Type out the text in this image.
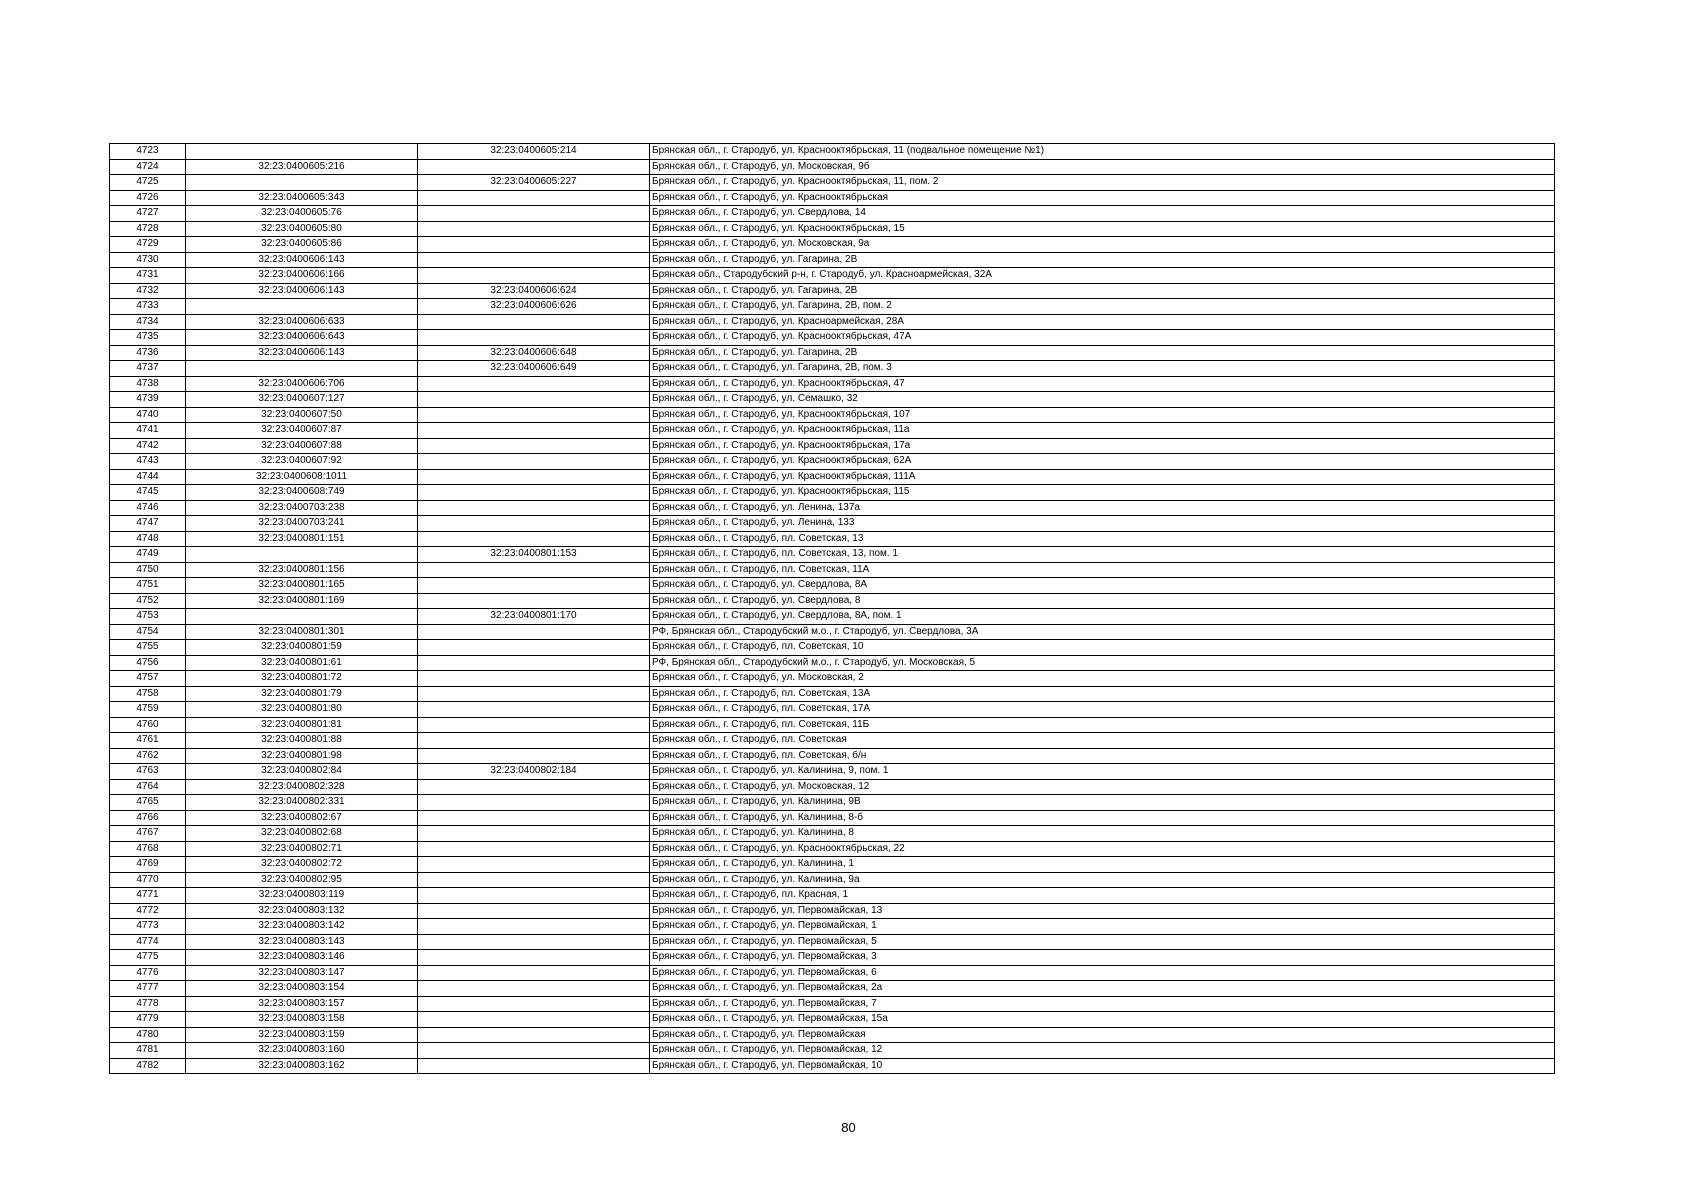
4723		32:23:0400605:214	Брянская обл., г. Стародуб, ул. Краснооктябрьская, 11 (подвальное помещение №1)
4724	32:23:0400605:216		Брянская обл., г. Стародуб, ул. Московская, 9б
4725		32:23:0400605:227	Брянская обл., г. Стародуб, ул. Краснооктябрьская, 11, пом. 2
4726	32:23:0400605:343		Брянская обл., г. Стародуб, ул. Краснооктябрьская
4727	32:23:0400605:76		Брянская обл., г. Стародуб, ул. Свердлова, 14
4728	32:23:0400605:80		Брянская обл., г. Стародуб, ул. Краснооктябрьская, 15
4729	32:23:0400605:86		Брянская обл., г. Стародуб, ул. Московская, 9а
4730	32:23:0400606:143		Брянская обл., г. Стародуб, ул. Гагарина, 2В
4731	32:23:0400606:166		Брянская обл., Стародубский р-н, г. Стародуб, ул. Красноармейская, 32А
4732	32:23:0400606:143	32:23:0400606:624	Брянская обл., г. Стародуб, ул. Гагарина, 2В
4733		32:23:0400606:626	Брянская обл., г. Стародуб, ул. Гагарина, 2В, пом. 2
4734	32:23:0400606:633		Брянская обл., г. Стародуб, ул. Красноармейская, 28А
4735	32:23:0400606:643		Брянская обл., г. Стародуб, ул. Краснооктябрьская, 47А
4736	32:23:0400606:143	32:23:0400606:648	Брянская обл., г. Стародуб, ул. Гагарина, 2В
4737		32:23:0400606:649	Брянская обл., г. Стародуб, ул. Гагарина, 2В, пом. 3
4738	32:23:0400606:706		Брянская обл., г. Стародуб, ул. Краснооктябрьская, 47
4739	32:23:0400607:127		Брянская обл., г. Стародуб, ул. Семашко, 32
4740	32:23:0400607:50		Брянская обл., г. Стародуб, ул. Краснооктябрьская, 107
4741	32:23:0400607:87		Брянская обл., г. Стародуб, ул. Краснооктябрьская, 11а
4742	32:23:0400607:88		Брянская обл., г. Стародуб, ул. Краснооктябрьская, 17а
4743	32:23:0400607:92		Брянская обл., г. Стародуб, ул. Краснооктябрьская, 62А
4744	32:23:0400608:1011		Брянская обл., г. Стародуб, ул. Краснооктябрьская, 111А
4745	32:23:0400608:749		Брянская обл., г. Стародуб, ул. Краснооктябрьская, 115
4746	32:23:0400703:238		Брянская обл., г. Стародуб, ул. Ленина, 137а
4747	32:23:0400703:241		Брянская обл., г. Стародуб, ул. Ленина, 133
4748	32:23:0400801:151		Брянская обл., г. Стародуб, пл. Советская, 13
4749		32:23:0400801:153	Брянская обл., г. Стародуб, пл. Советская, 13, пом. 1
4750	32:23:0400801:156		Брянская обл., г. Стародуб, пл. Советская, 11А
4751	32:23:0400801:165		Брянская обл., г. Стародуб, ул. Свердлова, 8А
4752	32:23:0400801:169		Брянская обл., г. Стародуб, ул. Свердлова, 8
4753		32:23:0400801:170	Брянская обл., г. Стародуб, ул. Свердлова, 8А, пом. 1
4754	32:23:0400801:301		РФ, Брянская обл., Стародубский м.о., г. Стародуб, ул. Свердлова, 3А
4755	32:23:0400801:59		Брянская обл., г. Стародуб, пл. Советская, 10
4756	32:23:0400801:61		РФ, Брянская обл., Стародубский м.о., г. Стародуб, ул. Московская, 5
4757	32:23:0400801:72		Брянская обл., г. Стародуб, ул. Московская, 2
4758	32:23:0400801:79		Брянская обл., г. Стародуб, пл. Советская, 13А
4759	32:23:0400801:80		Брянская обл., г. Стародуб, пл. Советская, 17А
4760	32:23:0400801:81		Брянская обл., г. Стародуб, пл. Советская, 11Б
4761	32:23:0400801:88		Брянская обл., г. Стародуб, пл. Советская
4762	32:23:0400801:98		Брянская обл., г. Стародуб, пл. Советская, б/н
4763	32:23:0400802:84	32:23:0400802:184	Брянская обл., г. Стародуб, ул. Калинина, 9, пом. 1
4764	32:23:0400802:328		Брянская обл., г. Стародуб, ул. Московская, 12
4765	32:23:0400802:331		Брянская обл., г. Стародуб, ул. Калинина, 9В
4766	32:23:0400802:67		Брянская обл., г. Стародуб, ул. Калинина, 8-б
4767	32:23:0400802:68		Брянская обл., г. Стародуб, ул. Калинина, 8
4768	32:23:0400802:71		Брянская обл., г. Стародуб, ул. Краснооктябрьская, 22
4769	32:23:0400802:72		Брянская обл., г. Стародуб, ул. Калинина, 1
4770	32:23:0400802:95		Брянская обл., г. Стародуб, ул. Калинина, 9а
4771	32:23:0400803:119		Брянская обл., г. Стародуб, пл. Красная, 1
4772	32:23:0400803:132		Брянская обл., г. Стародуб, ул. Первомайская, 13
4773	32:23:0400803:142		Брянская обл., г. Стародуб, ул. Первомайская, 1
4774	32:23:0400803:143		Брянская обл., г. Стародуб, ул. Первомайская, 5
4775	32:23:0400803:146		Брянская обл., г. Стародуб, ул. Первомайская, 3
4776	32:23:0400803:147		Брянская обл., г. Стародуб, ул. Первомайская, 6
4777	32:23:0400803:154		Брянская обл., г. Стародуб, ул. Первомайская, 2а
4778	32:23:0400803:157		Брянская обл., г. Стародуб, ул. Первомайская, 7
4779	32:23:0400803:158		Брянская обл., г. Стародуб, ул. Первомайская, 15а
4780	32:23:0400803:159		Брянская обл., г. Стародуб, ул. Первомайская
4781	32:23:0400803:160		Брянская обл., г. Стародуб, ул. Первомайская, 12
4782	32:23:0400803:162		Брянская обл., г. Стародуб, ул. Первомайская, 10
80
